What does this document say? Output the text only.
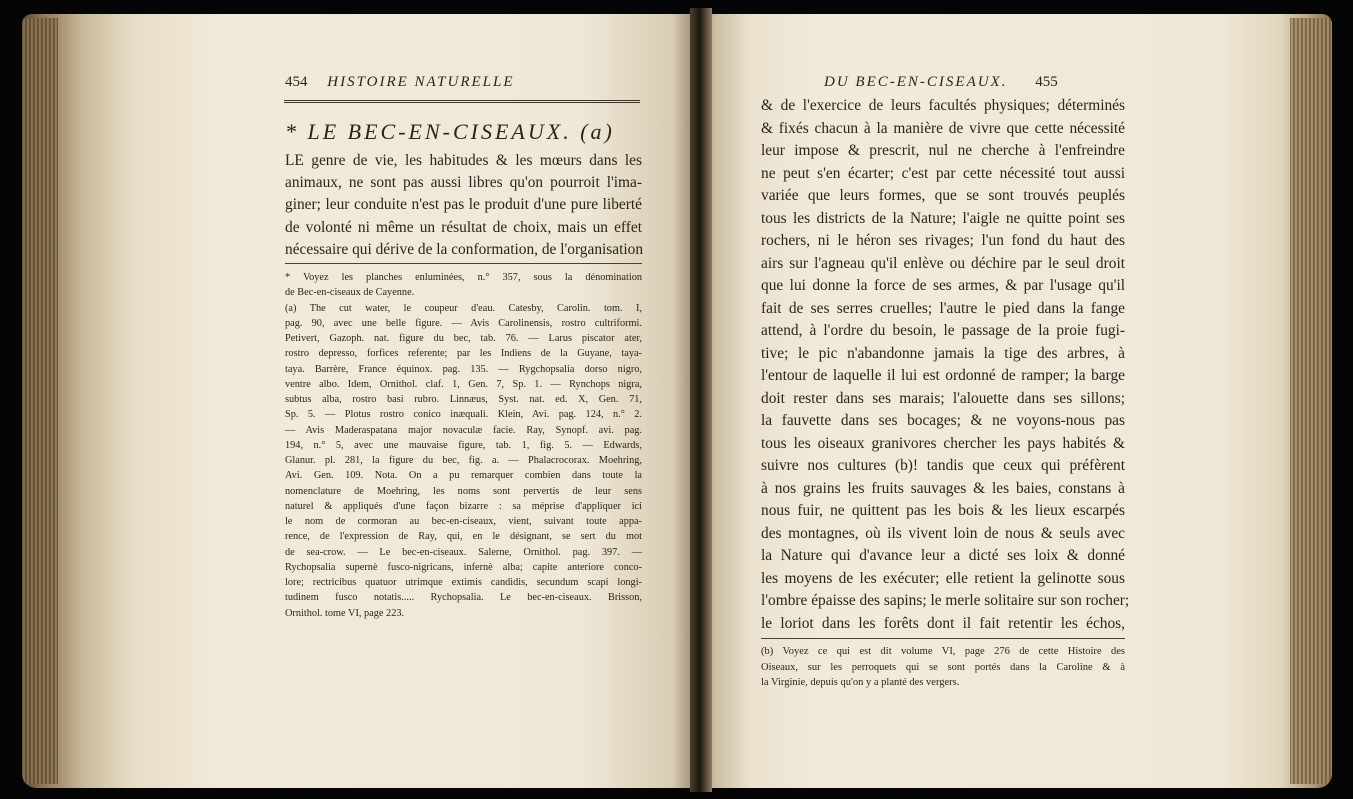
454 HISTOIRE NATURELLE
* LE BEC-EN-CISEAUX. (a)
LE genre de vie, les habitudes & les mœurs dans les
animaux, ne sont pas aussi libres qu'on pourroit l'ima-
giner; leur conduite n'est pas le produit d'une pure liberté
de volonté ni même un résultat de choix, mais un effet
nécessaire qui dérive de la conformation, de l'organisation
* Voyez les planches enluminées, n.° 357, sous la dénomination
de Bec-en-ciseaux de Cayenne.
(a) The cut water, le coupeur d'eau. Catesby, Carolin. tom. I,
pag. 90, avec une belle figure. — Avis Carolinensis, rostro cultriformi.
Petivert, Gazoph. nat. figure du bec, tab. 76. — Larus piscator ater,
rostro depresso, forfices referente; par les Indiens de la Guyane, taya-
taya. Barrère, France équinox. pag. 135. — Rygchopsalia dorso nigro,
ventre albo. Idem, Ornithol. claf. 1, Gen. 7, Sp. 1. — Rynchops nigra,
subtus alba, rostro basi rubro. Linnæus, Syst. nat. ed. X, Gen. 71,
Sp. 5. — Plotus rostro conico inæquali. Klein, Avi. pag. 124, n.° 2.
— Avis Maderaspatana major novaculæ facie. Ray, Synopf. avi. pag.
194, n.° 5, avec une mauvaise figure, tab. 1, fig. 5. — Edwards,
Glanur. pl. 281, la figure du bec, fig. a. — Phalacrocorax. Moehring,
Avi. Gen. 109. Nota. On a pu remarquer combien dans toute la
nomenclature de Moehring, les noms sont pervertis de leur sens
naturel & appliqués d'une façon bizarre : sa méprise d'appliquer ici
le nom de cormoran au bec-en-ciseaux, vient, suivant toute appa-
rence, de l'expression de Ray, qui, en le désignant, se sert du mot
de sea-crow. — Le bec-en-ciseaux. Salerne, Ornithol. pag. 397. —
Rychopsalia supernè fusco-nigricans, infernè alba; capite anteriore conco-
lore; rectricibus quatuor utrimque extimis candidis, secundum scapi longi-
tudinem fusco notatis..... Rychopsalia. Le bec-en-ciseaux. Brisson,
Ornithol. tome VI, page 223.
DU BEC-EN-CISEAUX. 455
& de l'exercice de leurs facultés physiques; déterminés
& fixés chacun à la manière de vivre que cette nécessité
leur impose & prescrit, nul ne cherche à l'enfreindre
ne peut s'en écarter; c'est par cette nécessité tout aussi
variée que leurs formes, que se sont trouvés peuplés
tous les districts de la Nature; l'aigle ne quitte point ses
rochers, ni le héron ses rivages; l'un fond du haut des
airs sur l'agneau qu'il enlève ou déchire par le seul droit
que lui donne la force de ses armes, & par l'usage qu'il
fait de ses serres cruelles; l'autre le pied dans la fange
attend, à l'ordre du besoin, le passage de la proie fugi-
tive; le pic n'abandonne jamais la tige des arbres, à
l'entour de laquelle il lui est ordonné de ramper; la barge
doit rester dans ses marais; l'alouette dans ses sillons;
la fauvette dans ses bocages; & ne voyons-nous pas
tous les oiseaux granivores chercher les pays habités &
suivre nos cultures (b)! tandis que ceux qui préfèrent
à nos grains les fruits sauvages & les baies, constans à
nous fuir, ne quittent pas les bois & les lieux escarpés
des montagnes, où ils vivent loin de nous & seuls avec
la Nature qui d'avance leur a dicté ses loix & donné
les moyens de les exécuter; elle retient la gelinotte sous
l'ombre épaisse des sapins; le merle solitaire sur son rocher;
le loriot dans les forêts dont il fait retentir les échos,
(b) Voyez ce qui est dit volume VI, page 276 de cette Histoire des
Oiseaux, sur les perroquets qui se sont portés dans la Caroline & à
la Virginie, depuis qu'on y a planté des vergers.
